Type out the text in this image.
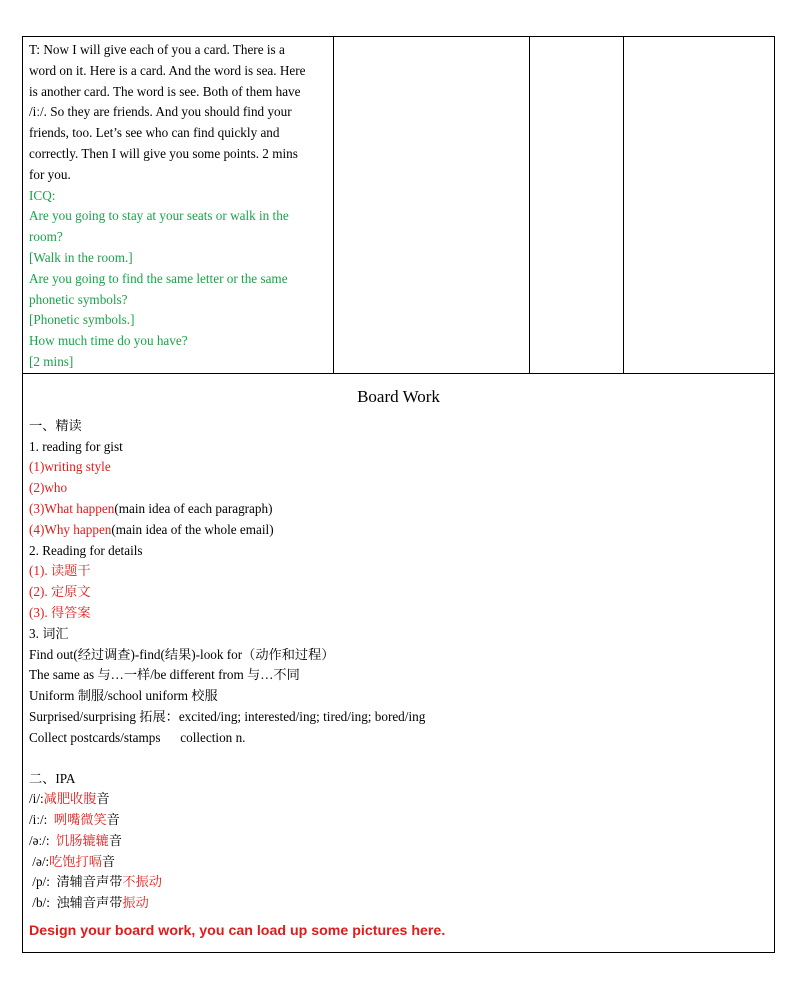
T: Now I will give each of you a card. There is a
word on it. Here is a card. And the word is sea. Here
is another card. The word is see. Both of them have
/iː/. So they are friends. And you should find your
friends, too. Let’s see who can find quickly and
correctly. Then I will give you some points. 2 mins
for you.
ICQ:
Are you going to stay at your seats or walk in the
room?
[Walk in the room.]
Are you going to find the same letter or the same
phonetic symbols?
[Phonetic symbols.]
How much time do you have?
[2 mins]

Board Work
一、精读
1. reading for gist
(1)writing style
(2)who
(3)What happen(main idea of each paragraph)
(4)Why happen(main idea of the whole email)
2. Reading for details
(1). 读题干
(2). 定原文
(3). 得答案
3. 词汇
Find out(经过调查)-find(结果)-look for（动作和过程）
The same as 与…一样/be different from 与…不同
Uniform 制服/school uniform 校服
Surprised/surprising 拓展：excited/ing; interested/ing; tired/ing; bored/ing
Collect postcards/stamps      collection n.
二、IPA
/i/:减肥收腹音
/iː/:  咧嘴微笑音
/əː/:  饥肠辘辘音
/ə/:吃饱打嗝音
/p/:  清辅音声带不振动
/b/:  浊辅音声带振动
Design your board work, you can load up some pictures here.
